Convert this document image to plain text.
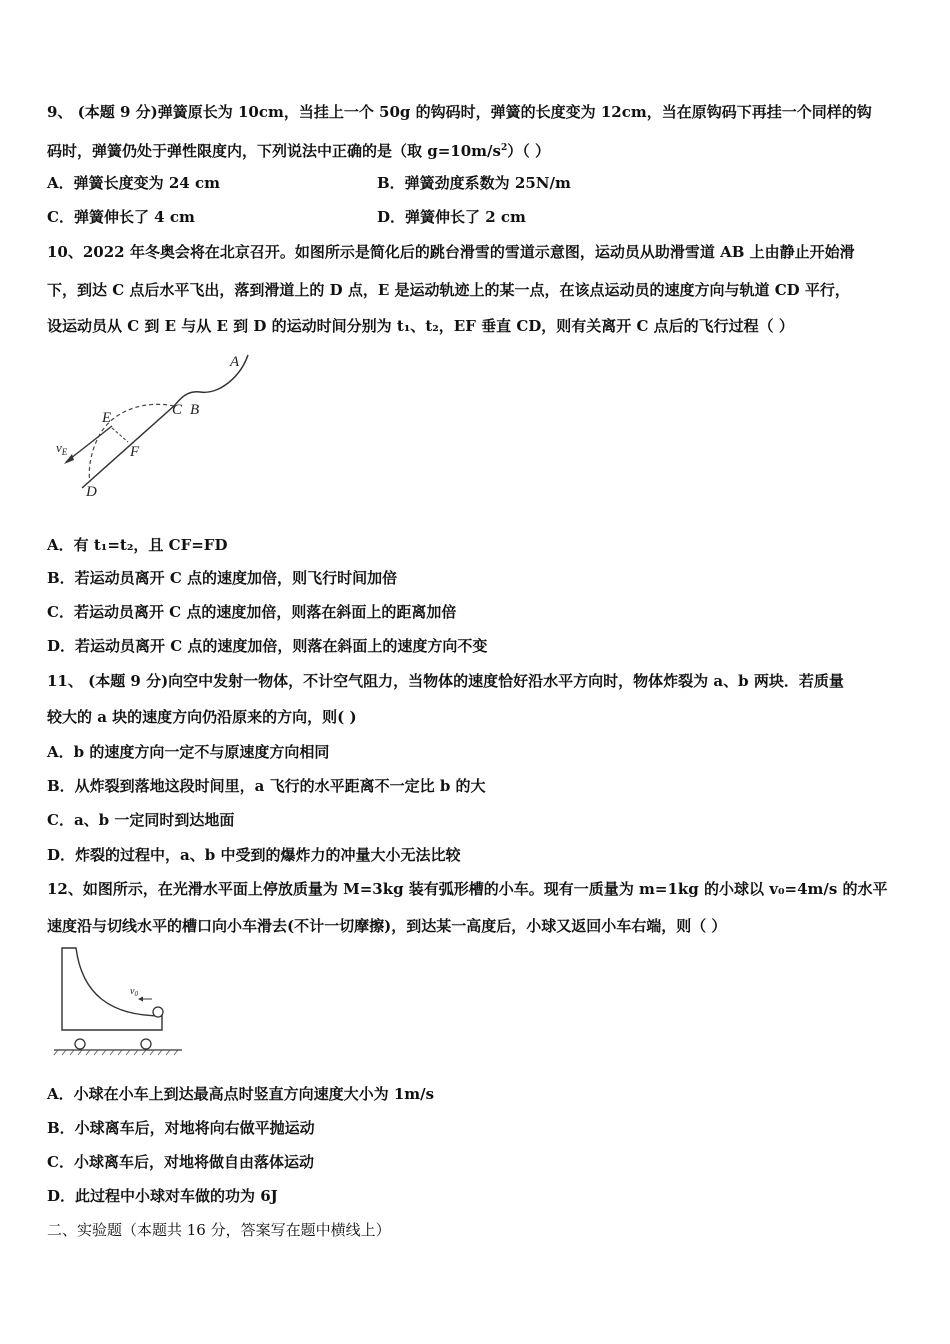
9、 (本题 9 分)弹簧原长为 10cm，当挂上一个 50g 的钩码时，弹簧的长度变为 12cm，当在原钩码下再挂一个同样的钩
码时，弹簧仍处于弹性限度内，下列说法中正确的是（取 $g=10m/s^2$）（ ）
A．弹簧长度变为 24 cm	B．弹簧劲度系数为 25N/m
C．弹簧伸长了 4 cm	D．弹簧伸长了 2 cm
10、2022 年冬奥会将在北京召开。如图所示是简化后的跳台滑雪的雪道示意图，运动员从助滑雪道 AB 上由静止开始滑
下，到达 C 点后水平飞出，落到滑道上的 D 点，E 是运动轨迹上的某一点，在该点运动员的速度方向与轨道 CD 平行，
设运动员从 C 到 E 与从 E 到 D 的运动时间分别为 t₁、t₂，EF 垂直 CD，则有关离开 C 点后的飞行过程（ ）
A
C B
E
F
D
$v_E$
A．有 t₁=t₂，且 CF=FD
B．若运动员离开 C 点的速度加倍，则飞行时间加倍
C．若运动员离开 C 点的速度加倍，则落在斜面上的距离加倍
D．若运动员离开 C 点的速度加倍，则落在斜面上的速度方向不变
11、 (本题 9 分)向空中发射一物体，不计空气阻力，当物体的速度恰好沿水平方向时，物体炸裂为 a、b 两块．若质量
较大的 a 块的速度方向仍沿原来的方向，则( )
A．b 的速度方向一定不与原速度方向相同
B．从炸裂到落地这段时间里，a 飞行的水平距离不一定比 b 的大
C．a、b 一定同时到达地面
D．炸裂的过程中，a、b 中受到的爆炸力的冲量大小无法比较
12、如图所示，在光滑水平面上停放质量为 M=3kg 装有弧形槽的小车。现有一质量为 m=1kg 的小球以 v₀=4m/s 的水平
速度沿与切线水平的槽口向小车滑去(不计一切摩擦)，到达某一高度后，小球又返回小车右端，则（ ）
$v_0$
A．小球在小车上到达最高点时竖直方向速度大小为 1m/s
B．小球离车后，对地将向右做平抛运动
C．小球离车后，对地将做自由落体运动
D．此过程中小球对车做的功为 6J
二、实验题（本题共 16 分，答案写在题中横线上）
